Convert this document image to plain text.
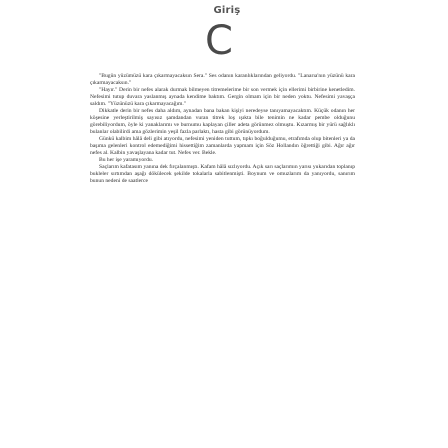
Giriş
C

"Bugün yüzümüzü kara çıkarmayacaksın Sera." Ses odanın karanlıklarından geliyordu. "Lanarıa'nın yüzünü kara çıkarmayacaksın."

"Hayır." Derin bir nefes alarak durmak bilmeyen titremelerime bir son vermek için ellerimi birbirine kenetledim. Nefesimi tutup duvara yaslanmış aynada kendime baktım. Gergin olmam için bir neden yoktu. Nefesimi yavaşça saldım. "Yüzünüzü kara çıkarmayacağım."

Dikkatle derin bir nefes daha aldım, aynadan bana bakan kişiyi neredeyse tanıyamayacaktım. Küçük odanın her köşesine yerleştirilmiş sayısız şamdandan vuran titrek loş ışıkta bile tenimin ne kadar pembe olduğunu görebiliyordum, öyle ki yanaklarımı ve burnumu kaplayan çiller adeta görünmez olmuştu. Kızarmış bir yürü sağlıklı bulanlar olabilirdi ama gözlerimin yeşil fazla parlaktı, hasta gibi görünüyordum.

Günkü kalbim hâlâ deli gibi atıyordu, nefesimi yeniden tuttum, tıpkı boğulduğumu, etrafımda olup bitenleri ya da başıma gelenleri kontrol edemediğimi hissettiğim zamanlarda yapmam için Söz Hollandın öğrettiği gibi. Ağır ağır nefes al. Kalbin yavaşlayana kadar tut. Nefes ver. Bekle.

Bu her işe yaramıyordu.

Saçlarım kafatasım yanına dek fırçalanmıştı. Kafam hâlâ sızlıyordu. Açık sarı saçlarımın yarısı yukarıdan toplanıp bukleler sırtımdan aşağı dökülecek şekilde tokalarla sabitlenmişti. Boynum ve omuzlarım da yanıyordu, sanırım bunun nedeni de saatlerce
